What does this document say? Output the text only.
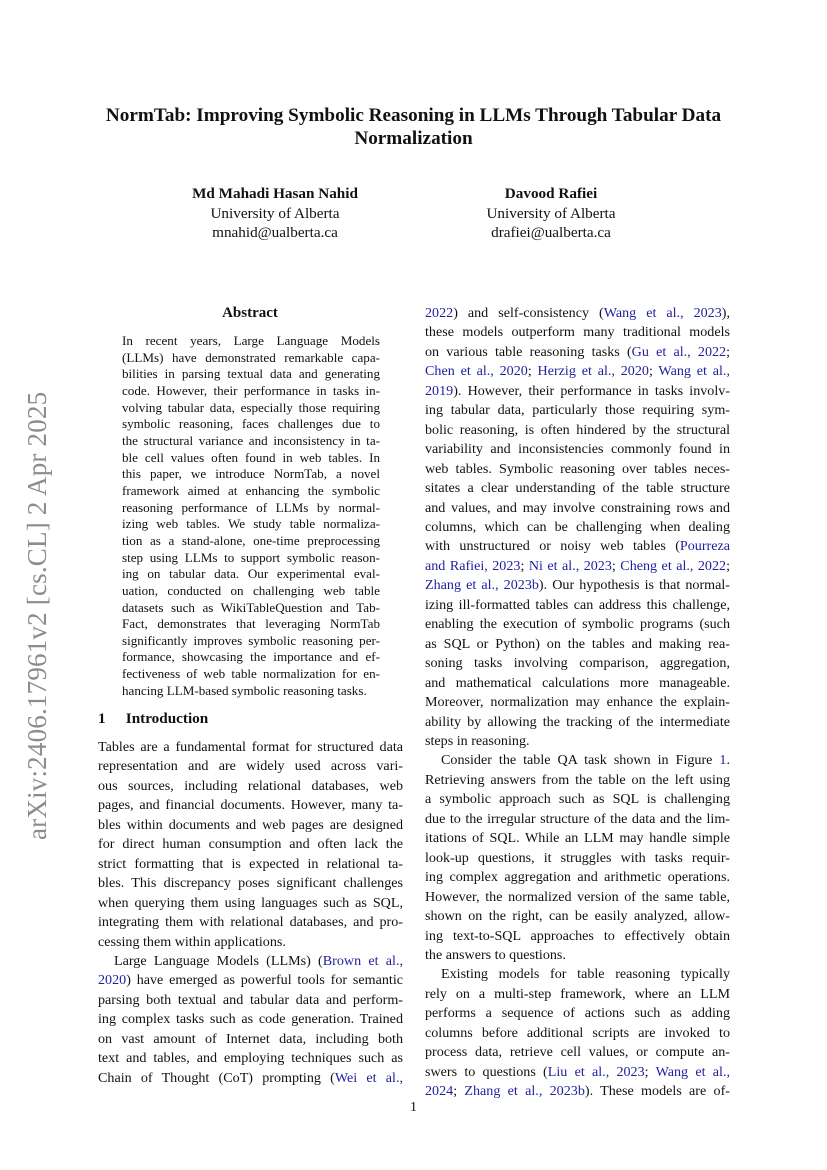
NormTab: Improving Symbolic Reasoning in LLMs Through Tabular Data
Normalization
Md Mahadi Hasan Nahid
University of Alberta
mnahid@ualberta.ca
Davood Rafiei
University of Alberta
drafiei@ualberta.ca
arXiv:2406.17961v2 [cs.CL] 2 Apr 2025
Abstract
In recent years, Large Language Models
(LLMs) have demonstrated remarkable capa-
bilities in parsing textual data and generating
code. However, their performance in tasks in-
volving tabular data, especially those requiring
symbolic reasoning, faces challenges due to
the structural variance and inconsistency in ta-
ble cell values often found in web tables. In
this paper, we introduce NormTab, a novel
framework aimed at enhancing the symbolic
reasoning performance of LLMs by normal-
izing web tables. We study table normaliza-
tion as a stand-alone, one-time preprocessing
step using LLMs to support symbolic reason-
ing on tabular data. Our experimental eval-
uation, conducted on challenging web table
datasets such as WikiTableQuestion and Tab-
Fact, demonstrates that leveraging NormTab
significantly improves symbolic reasoning per-
formance, showcasing the importance and ef-
fectiveness of web table normalization for en-
hancing LLM-based symbolic reasoning tasks.
1 Introduction
Tables are a fundamental format for structured data
representation and are widely used across vari-
ous sources, including relational databases, web
pages, and financial documents. However, many ta-
bles within documents and web pages are designed
for direct human consumption and often lack the
strict formatting that is expected in relational ta-
bles. This discrepancy poses significant challenges
when querying them using languages such as SQL,
integrating them with relational databases, and pro-
cessing them within applications.
Large Language Models (LLMs) (Brown et al.,
2020) have emerged as powerful tools for semantic
parsing both textual and tabular data and perform-
ing complex tasks such as code generation. Trained
on vast amount of Internet data, including both
text and tables, and employing techniques such as
Chain of Thought (CoT) prompting (Wei et al.,
2022) and self-consistency (Wang et al., 2023),
these models outperform many traditional models
on various table reasoning tasks (Gu et al., 2022;
Chen et al., 2020; Herzig et al., 2020; Wang et al.,
2019). However, their performance in tasks involv-
ing tabular data, particularly those requiring sym-
bolic reasoning, is often hindered by the structural
variability and inconsistencies commonly found in
web tables. Symbolic reasoning over tables neces-
sitates a clear understanding of the table structure
and values, and may involve constraining rows and
columns, which can be challenging when dealing
with unstructured or noisy web tables (Pourreza
and Rafiei, 2023; Ni et al., 2023; Cheng et al., 2022;
Zhang et al., 2023b). Our hypothesis is that normal-
izing ill-formatted tables can address this challenge,
enabling the execution of symbolic programs (such
as SQL or Python) on the tables and making rea-
soning tasks involving comparison, aggregation,
and mathematical calculations more manageable.
Moreover, normalization may enhance the explain-
ability by allowing the tracking of the intermediate
steps in reasoning.
Consider the table QA task shown in Figure 1.
Retrieving answers from the table on the left using
a symbolic approach such as SQL is challenging
due to the irregular structure of the data and the lim-
itations of SQL. While an LLM may handle simple
look-up questions, it struggles with tasks requir-
ing complex aggregation and arithmetic operations.
However, the normalized version of the same table,
shown on the right, can be easily analyzed, allow-
ing text-to-SQL approaches to effectively obtain
the answers to questions.
Existing models for table reasoning typically
rely on a multi-step framework, where an LLM
performs a sequence of actions such as adding
columns before additional scripts are invoked to
process data, retrieve cell values, or compute an-
swers to questions (Liu et al., 2023; Wang et al.,
2024; Zhang et al., 2023b). These models are of-
1
